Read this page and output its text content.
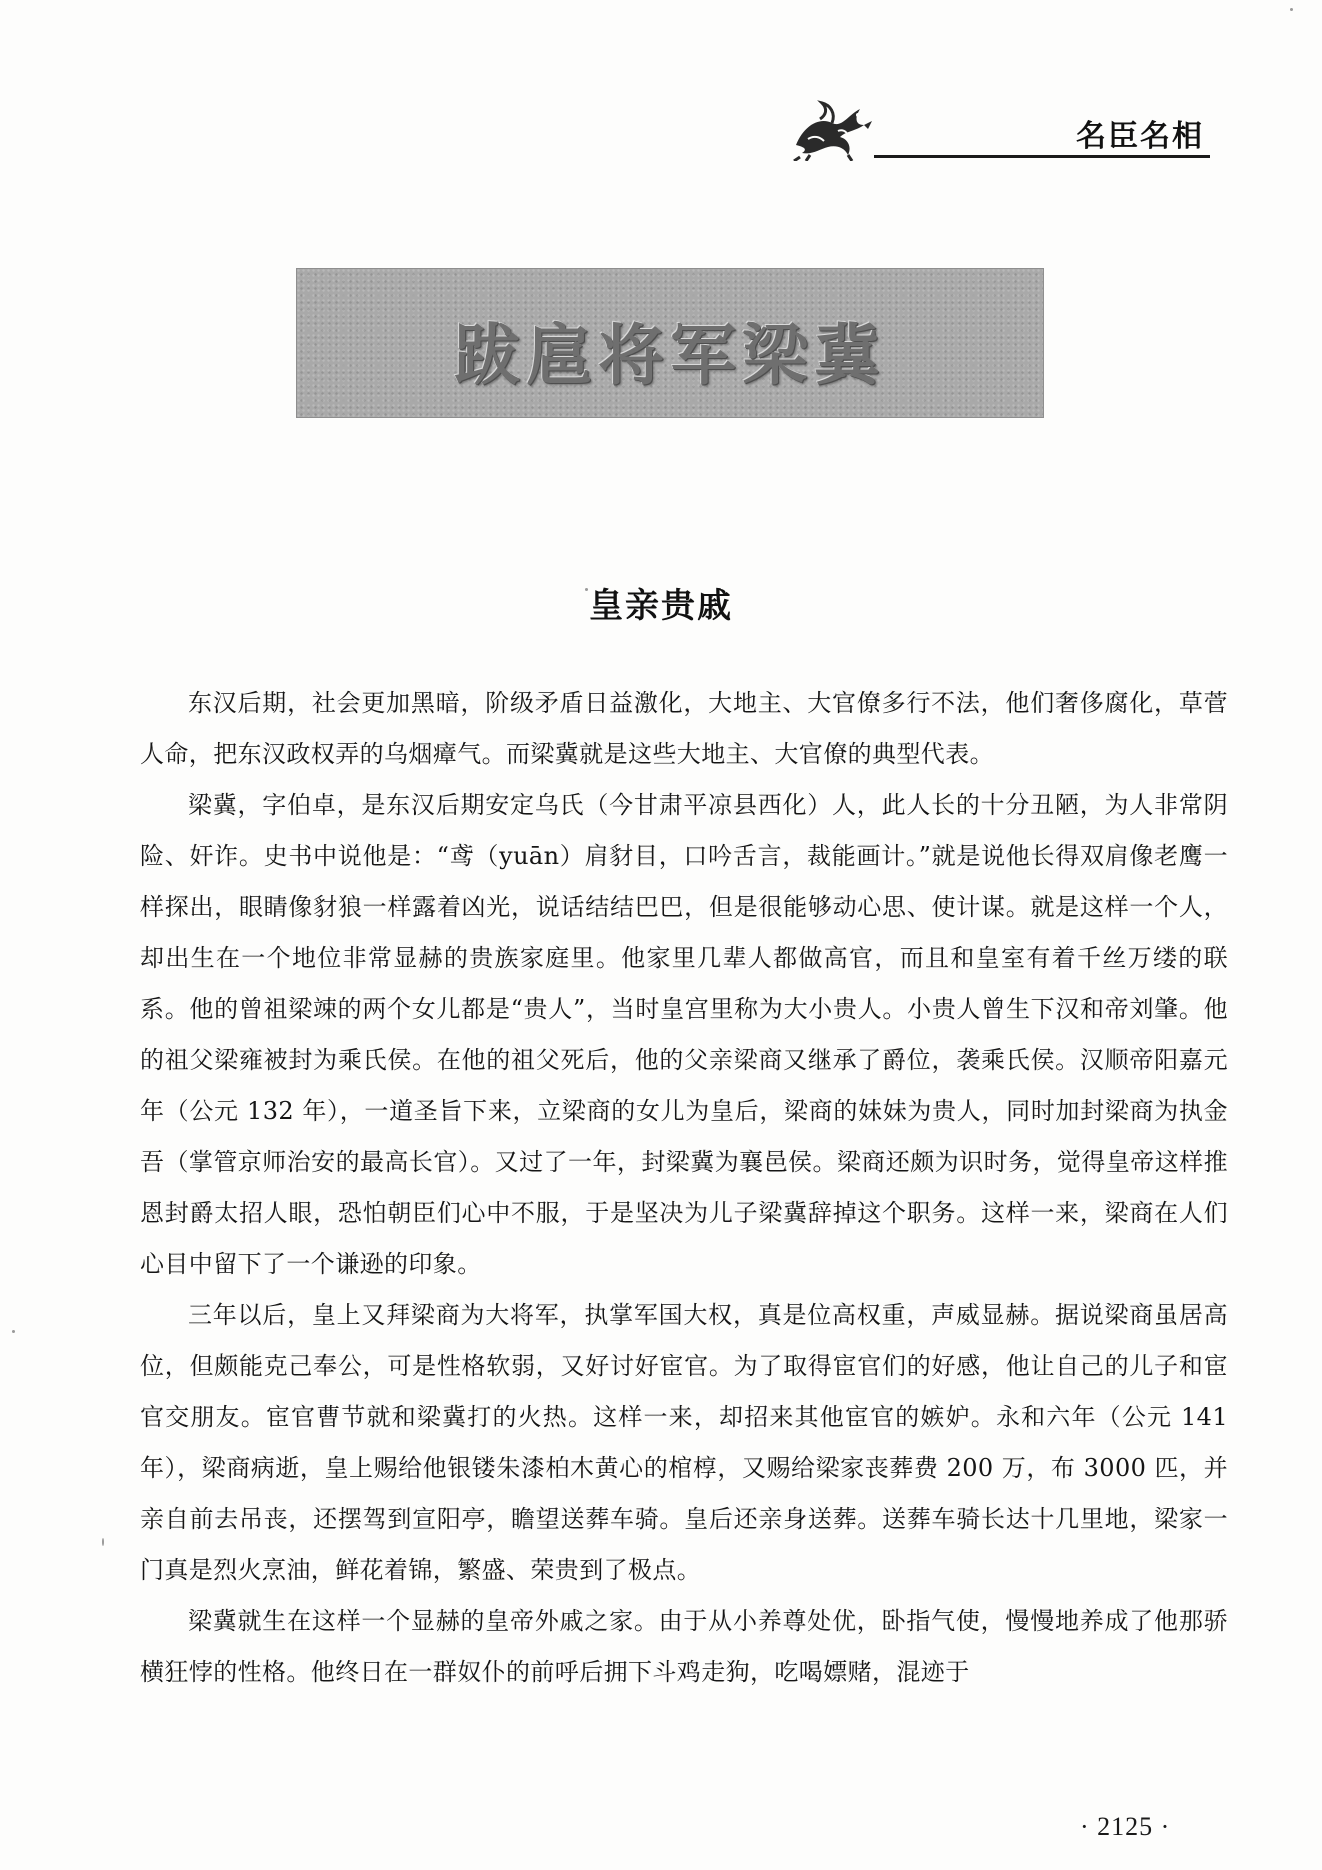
名臣名相
跋扈将军梁冀
皇亲贵戚

东汉后期，社会更加黑暗，阶级矛盾日益激化，大地主、大官僚多行不法，他们奢侈腐化，草菅人命，把东汉政权弄的乌烟瘴气。而梁冀就是这些大地主、大官僚的典型代表。

梁冀，字伯卓，是东汉后期安定乌氏（今甘肃平凉县西化）人，此人长的十分丑陋，为人非常阴险、奸诈。史书中说他是：“鸢（yuān）肩豺目，口吟舌言，裁能画计。”就是说他长得双肩像老鹰一样探出，眼睛像豺狼一样露着凶光，说话结结巴巴，但是很能够动心思、使计谋。就是这样一个人，却出生在一个地位非常显赫的贵族家庭里。他家里几辈人都做高官，而且和皇室有着千丝万缕的联系。他的曾祖梁竦的两个女儿都是“贵人”，当时皇宫里称为大小贵人。小贵人曾生下汉和帝刘肇。他的祖父梁雍被封为乘氏侯。在他的祖父死后，他的父亲梁商又继承了爵位，袭乘氏侯。汉顺帝阳嘉元年（公元 132 年），一道圣旨下来，立梁商的女儿为皇后，梁商的妹妹为贵人，同时加封梁商为执金吾（掌管京师治安的最高长官）。又过了一年，封梁冀为襄邑侯。梁商还颇为识时务，觉得皇帝这样推恩封爵太招人眼，恐怕朝臣们心中不服，于是坚决为儿子梁冀辞掉这个职务。这样一来，梁商在人们心目中留下了一个谦逊的印象。

三年以后，皇上又拜梁商为大将军，执掌军国大权，真是位高权重，声威显赫。据说梁商虽居高位，但颇能克己奉公，可是性格软弱，又好讨好宦官。为了取得宦官们的好感，他让自己的儿子和宦官交朋友。宦官曹节就和梁冀打的火热。这样一来，却招来其他宦官的嫉妒。永和六年（公元 141 年），梁商病逝，皇上赐给他银镂朱漆柏木黄心的棺椁，又赐给梁家丧葬费 200 万，布 3000 匹，并亲自前去吊丧，还摆驾到宣阳亭，瞻望送葬车骑。皇后还亲身送葬。送葬车骑长达十几里地，梁家一门真是烈火烹油，鲜花着锦，繁盛、荣贵到了极点。

梁冀就生在这样一个显赫的皇帝外戚之家。由于从小养尊处优，卧指气使，慢慢地养成了他那骄横狂悖的性格。他终日在一群奴仆的前呼后拥下斗鸡走狗，吃喝嫖赌，混迹于

· 2125 ·
